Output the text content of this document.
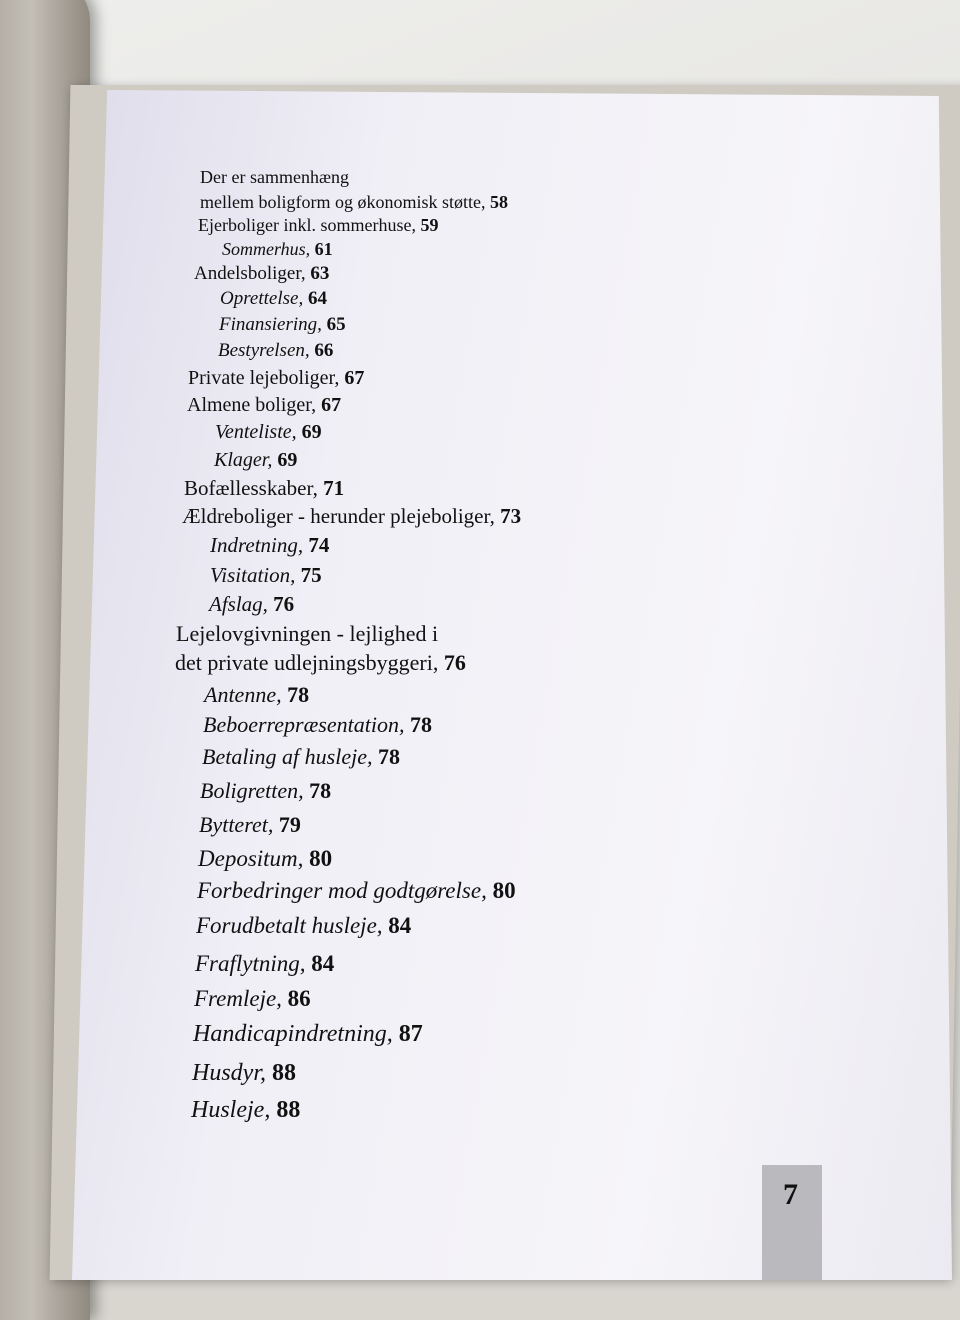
Der er sammenhæng
mellem boligform og økonomisk støtte, 58
Ejerboliger inkl. sommerhuse, 59
Sommerhus, 61
Andelsboliger, 63
Oprettelse, 64
Finansiering, 65
Bestyrelsen, 66
Private lejeboliger, 67
Almene boliger, 67
Venteliste, 69
Klager, 69
Bofællesskaber, 71
Ældreboliger - herunder plejeboliger, 73
Indretning, 74
Visitation, 75
Afslag, 76
Lejelovgivningen - lejlighed i
det private udlejningsbyggeri, 76
Antenne, 78
Beboerrepræsentation, 78
Betaling af husleje, 78
Boligretten, 78
Bytteret, 79
Depositum, 80
Forbedringer mod godtgørelse, 80
Forudbetalt husleje, 84
Fraflytning, 84
Fremleje, 86
Handicapindretning, 87
Husdyr, 88
Husleje, 88
7
